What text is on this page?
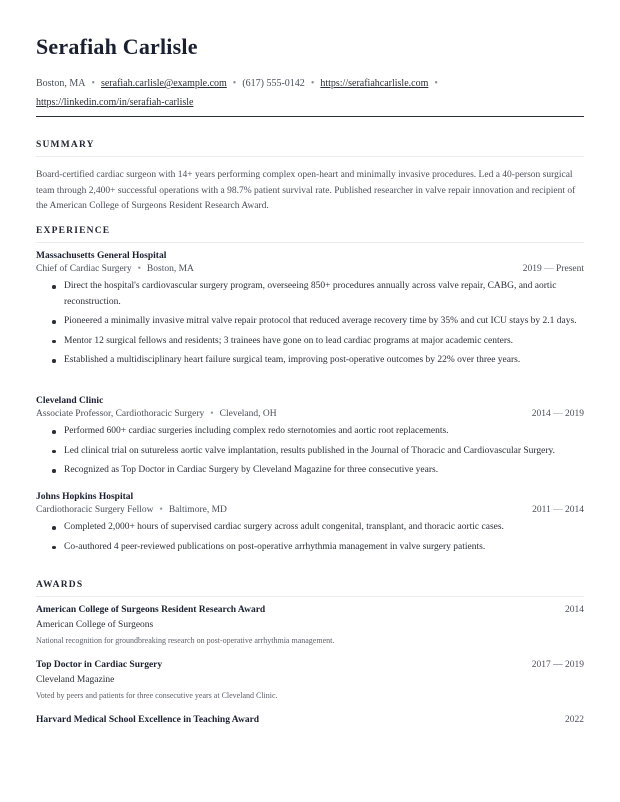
Serafiah Carlisle
Boston, MA • serafiah.carlisle@example.com • (617) 555-0142 • https://serafiahcarlisle.com •
https://linkedin.com/in/serafiah-carlisle
SUMMARY

Board-certified cardiac surgeon with 14+ years performing complex open-heart and minimally invasive procedures. Led a 40-person surgical team through 2,400+ successful operations with a 98.7% patient survival rate. Published researcher in valve repair innovation and recipient of the American College of Surgeons Resident Research Award.

EXPERIENCE

Massachusetts General Hospital

Chief of Cardiac Surgery • Boston, MA	2019 — Present
Direct the hospital's cardiovascular surgery program, overseeing 850+ procedures annually across valve repair, CABG, and aortic reconstruction.
Pioneered a minimally invasive mitral valve repair protocol that reduced average recovery time by 35% and cut ICU stays by 2.1 days.
Mentor 12 surgical fellows and residents; 3 trainees have gone on to lead cardiac programs at major academic centers.
Established a multidisciplinary heart failure surgical team, improving post-operative outcomes by 22% over three years.

Cleveland Clinic

Associate Professor, Cardiothoracic Surgery • Cleveland, OH	2014 — 2019
Performed 600+ cardiac surgeries including complex redo sternotomies and aortic root replacements.
Led clinical trial on sutureless aortic valve implantation, results published in the Journal of Thoracic and Cardiovascular Surgery.
Recognized as Top Doctor in Cardiac Surgery by Cleveland Magazine for three consecutive years.

Johns Hopkins Hospital

Cardiothoracic Surgery Fellow • Baltimore, MD	2011 — 2014
Completed 2,000+ hours of supervised cardiac surgery across adult congenital, transplant, and thoracic aortic cases.
Co-authored 4 peer-reviewed publications on post-operative arrhythmia management in valve surgery patients.
AWARDS
American College of Surgeons Resident Research Award	2014
American College of Surgeons
National recognition for groundbreaking research on post-operative arrhythmia management.
Top Doctor in Cardiac Surgery	2017 — 2019
Cleveland Magazine
Voted by peers and patients for three consecutive years at Cleveland Clinic.
Harvard Medical School Excellence in Teaching Award	2022
